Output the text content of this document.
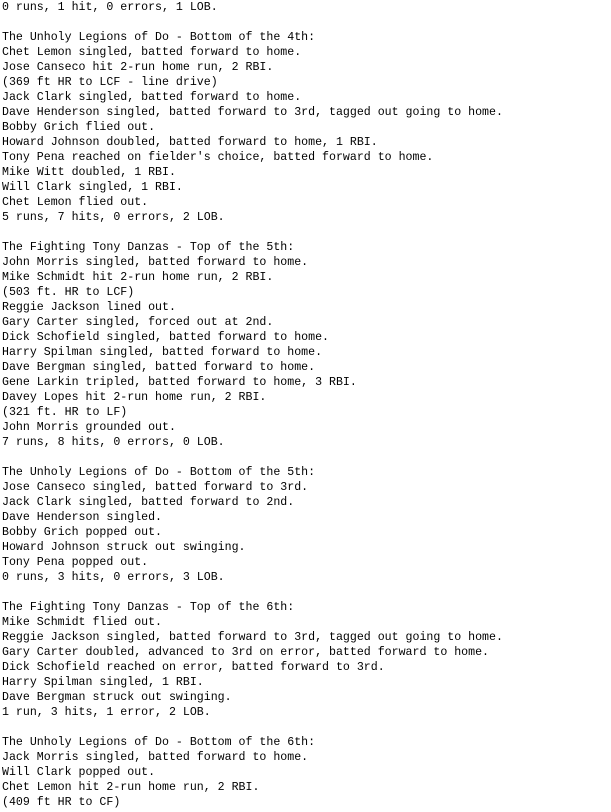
0 runs, 1 hit, 0 errors, 1 LOB.
The Unholy Legions of Do - Bottom of the 4th:
Chet Lemon singled, batted forward to home.
Jose Canseco hit 2-run home run, 2 RBI.
(369 ft HR to LCF - line drive)
Jack Clark singled, batted forward to home.
Dave Henderson singled, batted forward to 3rd, tagged out going to home.
Bobby Grich flied out.
Howard Johnson doubled, batted forward to home, 1 RBI.
Tony Pena reached on fielder's choice, batted forward to home.
Mike Witt doubled, 1 RBI.
Will Clark singled, 1 RBI.
Chet Lemon flied out.
5 runs, 7 hits, 0 errors, 2 LOB.
The Fighting Tony Danzas - Top of the 5th:
John Morris singled, batted forward to home.
Mike Schmidt hit 2-run home run, 2 RBI.
(503 ft. HR to LCF)
Reggie Jackson lined out.
Gary Carter singled, forced out at 2nd.
Dick Schofield singled, batted forward to home.
Harry Spilman singled, batted forward to home.
Dave Bergman singled, batted forward to home.
Gene Larkin tripled, batted forward to home, 3 RBI.
Davey Lopes hit 2-run home run, 2 RBI.
(321 ft. HR to LF)
John Morris grounded out.
7 runs, 8 hits, 0 errors, 0 LOB.
The Unholy Legions of Do - Bottom of the 5th:
Jose Canseco singled, batted forward to 3rd.
Jack Clark singled, batted forward to 2nd.
Dave Henderson singled.
Bobby Grich popped out.
Howard Johnson struck out swinging.
Tony Pena popped out.
0 runs, 3 hits, 0 errors, 3 LOB.
The Fighting Tony Danzas - Top of the 6th:
Mike Schmidt flied out.
Reggie Jackson singled, batted forward to 3rd, tagged out going to home.
Gary Carter doubled, advanced to 3rd on error, batted forward to home.
Dick Schofield reached on error, batted forward to 3rd.
Harry Spilman singled, 1 RBI.
Dave Bergman struck out swinging.
1 run, 3 hits, 1 error, 2 LOB.
The Unholy Legions of Do - Bottom of the 6th:
Jack Morris singled, batted forward to home.
Will Clark popped out.
Chet Lemon hit 2-run home run, 2 RBI.
(409 ft HR to CF)
